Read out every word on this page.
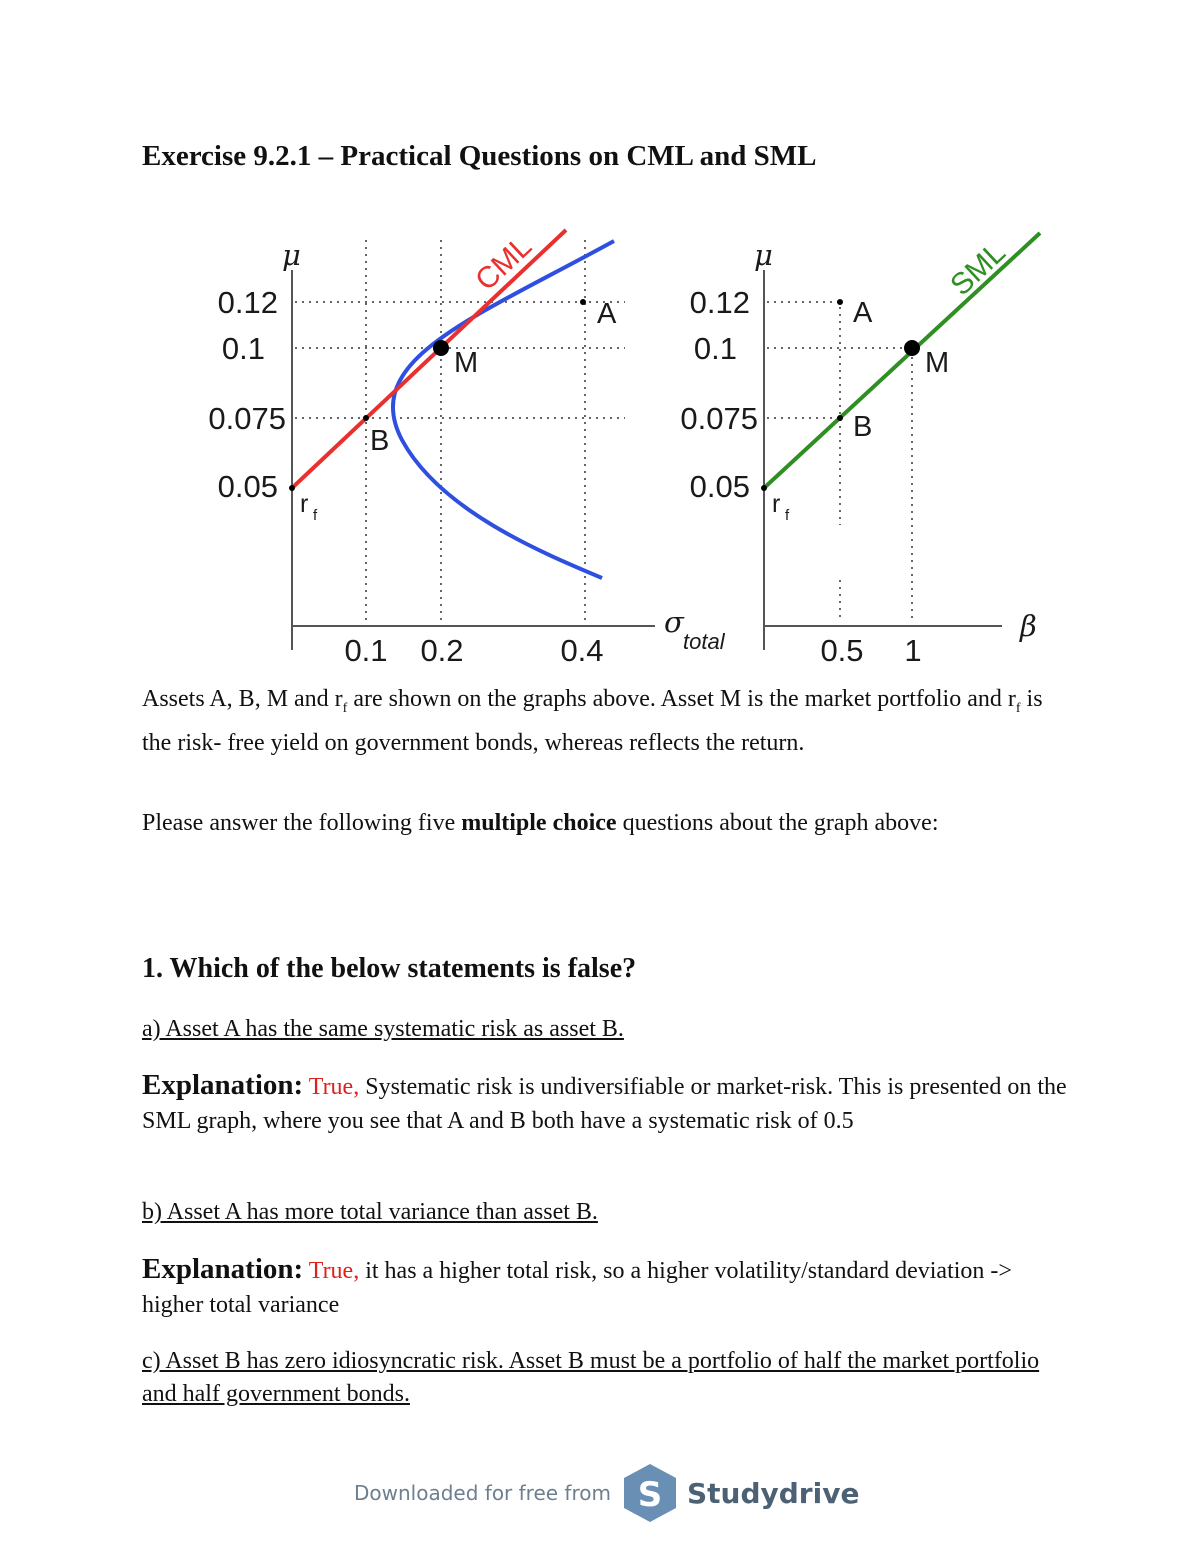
Exercise 9.2.1 – Practical Questions on CML and SML
CML
A
M
B
r f
0.12
0.1
0.075
0.05
0.1 0.2	0.4
μ
σ
total
SML
A
M
B
r f
0.12
0.1
0.075
0.05
0.5 1
μ
β

Assets A, B, M and $r_f$ are shown on the graphs above. Asset M is the market portfolio and $r_f$ is the risk- free yield on government bonds, whereas reflects the return.

Please answer the following five multiple choice questions about the graph above:

1. Which of the below statements is false?

a) Asset A has the same systematic risk as asset B.

Explanation: True, Systematic risk is undiversifiable or market-risk. This is presented on the SML graph, where you see that A and B both have a systematic risk of 0.5

b) Asset A has more total variance than asset B.

Explanation: True, it has a higher total risk, so a higher volatility/standard deviation -> higher total variance

c) Asset B has zero idiosyncratic risk. Asset B must be a portfolio of half the market portfolio and half government bonds.

Downloaded for free from S Studydrive
